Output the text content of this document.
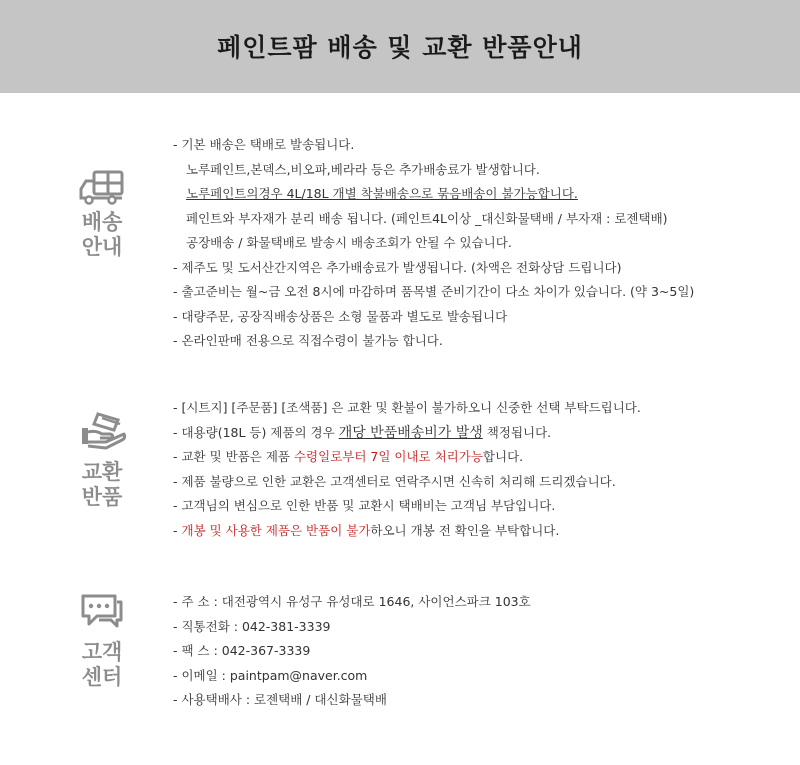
페인트팜 배송 및 교환 반품안내
배송
안내
- 기본 배송은 택배로 발송됩니다.
노루페인트,본덱스,비오파,베라라 등은 추가배송료가 발생합니다.
노루페인트의경우 4L/18L 개별 착불배송으로 묶음배송이 불가능합니다.
페인트와 부자재가 분리 배송 됩니다. (페인트4L이상 _대신화물택배 / 부자재 : 로젠택배)
공장배송 / 화물택배로 발송시 배송조회가 안될 수 있습니다.
- 제주도 및 도서산간지역은 추가배송료가 발생됩니다. (차액은 전화상담 드립니다)
- 출고준비는 월~금 오전 8시에 마감하며 품목별 준비기간이 다소 차이가 있습니다. (약 3~5일)
- 대량주문, 공장직배송상품은 소형 물품과 별도로 발송됩니다
- 온라인판매 전용으로 직접수령이 불가능 합니다.
교환
반품
- [시트지] [주문품] [조색품] 은 교환 및 환불이 불가하오니 신중한 선택 부탁드립니다.
- 대용량(18L 등) 제품의 경우 개당 반품배송비가 발생 책정됩니다.
- 교환 및 반품은 제품 수령일로부터 7일 이내로 처리가능합니다.
- 제품 불량으로 인한 교환은 고객센터로 연락주시면 신속히 처리해 드리겠습니다.
- 고객님의 변심으로 인한 반품 및 교환시 택배비는 고객님 부담입니다.
- 개봉 및 사용한 제품은 반품이 불가하오니 개봉 전 확인을 부탁합니다.
고객
센터
- 주 소 : 대전광역시 유성구 유성대로 1646, 사이언스파크 103호
- 직통전화 : 042-381-3339
- 팩 스 : 042-367-3339
- 이메일 : paintpam@naver.com
- 사용택배사 : 로젠택배 / 대신화물택배
